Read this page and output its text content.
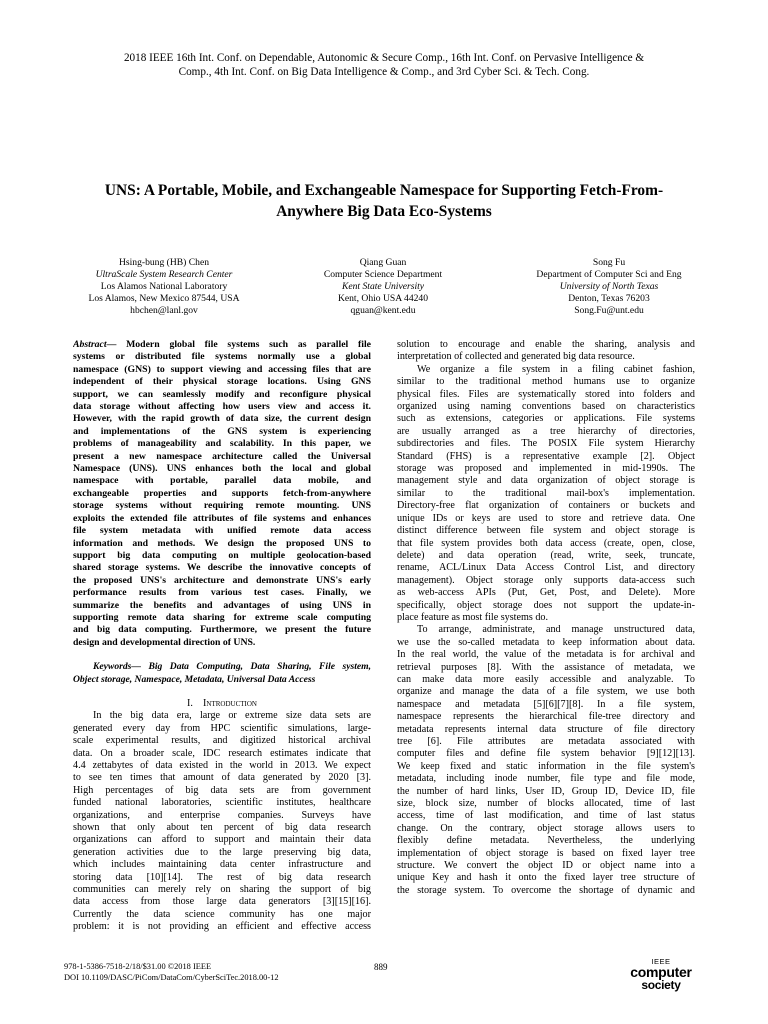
2018 IEEE 16th Int. Conf. on Dependable, Autonomic & Secure Comp., 16th Int. Conf. on Pervasive Intelligence &
Comp., 4th Int. Conf. on Big Data Intelligence & Comp., and 3rd Cyber Sci. & Tech. Cong.
UNS: A Portable, Mobile, and Exchangeable Namespace for Supporting Fetch-From-
Anywhere Big Data Eco-Systems
Hsing-bung (HB) Chen
UltraScale System Research Center
Los Alamos National Laboratory
Los Alamos, New Mexico 87544, USA
hbchen@lanl.gov
Qiang Guan
Computer Science Department
Kent State University
Kent, Ohio USA 44240
qguan@kent.edu
Song Fu
Department of Computer Sci and Eng
University of North Texas
Denton, Texas 76203
Song.Fu@unt.edu
Abstract— Modern global file systems such as parallel file
systems or distributed file systems normally use a global
namespace (GNS) to support viewing and accessing files that are
independent of their physical storage locations. Using GNS
support, we can seamlessly modify and reconfigure physical
data storage without affecting how users view and access it.
However, with the rapid growth of data size, the current design
and implementations of the GNS system is experiencing
problems of manageability and scalability. In this paper, we
present a new namespace architecture called the Universal
Namespace (UNS). UNS enhances both the local and global
namespace with portable, parallel data mobile, and
exchangeable properties and supports fetch-from-anywhere
storage systems without requiring remote mounting. UNS
exploits the extended file attributes of file systems and enhances
file system metadata with unified remote data access
information and methods. We design the proposed UNS to
support big data computing on multiple geolocation-based
shared storage systems. We describe the innovative concepts of
the proposed UNS's architecture and demonstrate UNS's early
performance results from various test cases. Finally, we
summarize the benefits and advantages of using UNS in
supporting remote data sharing for extreme scale computing
and big data computing. Furthermore, we present the future
design and developmental direction of UNS.
Keywords— Big Data Computing, Data Sharing, File system,
Object storage, Namespace, Metadata, Universal Data Access
I. Introduction
In the big data era, large or extreme size data sets are
generated every day from HPC scientific simulations, large-
scale experimental results, and digitized historical archival
data. On a broader scale, IDC research estimates indicate that
4.4 zettabytes of data existed in the world in 2013. We expect
to see ten times that amount of data generated by 2020 [3].
High percentages of big data sets are from government
funded national laboratories, scientific institutes, healthcare
organizations, and enterprise companies. Surveys have
shown that only about ten percent of big data research
organizations can afford to support and maintain their data
generation activities due to the large preserving big data,
which includes maintaining data center infrastructure and
storing data [10][14]. The rest of big data research
communities can merely rely on sharing the support of big
data access from those large data generators [3][15][16].
Currently the data science community has one major
problem: it is not providing an efficient and effective access
solution to encourage and enable the sharing, analysis and
interpretation of collected and generated big data resource.
We organize a file system in a filing cabinet fashion,
similar to the traditional method humans use to organize
physical files. Files are systematically stored into folders and
organized using naming conventions based on characteristics
such as extensions, categories or applications. File systems
are usually arranged as a tree hierarchy of directories,
subdirectories and files. The POSIX File system Hierarchy
Standard (FHS) is a representative example [2]. Object
storage was proposed and implemented in mid-1990s. The
management style and data organization of object storage is
similar to the traditional mail-box's implementation.
Directory-free flat organization of containers or buckets and
unique IDs or keys are used to store and retrieve data. One
distinct difference between file system and object storage is
that file system provides both data access (create, open, close,
delete) and data operation (read, write, seek, truncate,
rename, ACL/Linux Data Access Control List, and directory
management). Object storage only supports data-access such
as web-access APIs (Put, Get, Post, and Delete). More
specifically, object storage does not support the update-in-
place feature as most file systems do.
To arrange, administrate, and manage unstructured data,
we use the so-called metadata to keep information about data.
In the real world, the value of the metadata is for archival and
retrieval purposes [8]. With the assistance of metadata, we
can make data more easily accessible and analyzable. To
organize and manage the data of a file system, we use both
namespace and metadata [5][6][7][8]. In a file system,
namespace represents the hierarchical file-tree directory and
metadata represents internal data structure of file directory
tree [6]. File attributes are metadata associated with
computer files and define file system behavior [9][12][13].
We keep fixed and static information in the file system's
metadata, including inode number, file type and file mode,
the number of hard links, User ID, Group ID, Device ID, file
size, block size, number of blocks allocated, time of last
access, time of last modification, and time of last status
change. On the contrary, object storage allows users to
flexibly define metadata. Nevertheless, the underlying
implementation of object storage is based on fixed layer tree
structure. We convert the object ID or object name into a
unique Key and hash it onto the fixed layer tree structure of
the storage system. To overcome the shortage of dynamic and
978-1-5386-7518-2/18/$31.00 ©2018 IEEE
DOI 10.1109/DASC/PiCom/DataCom/CyberSciTec.2018.00-12
889
IEEE
computer
society
